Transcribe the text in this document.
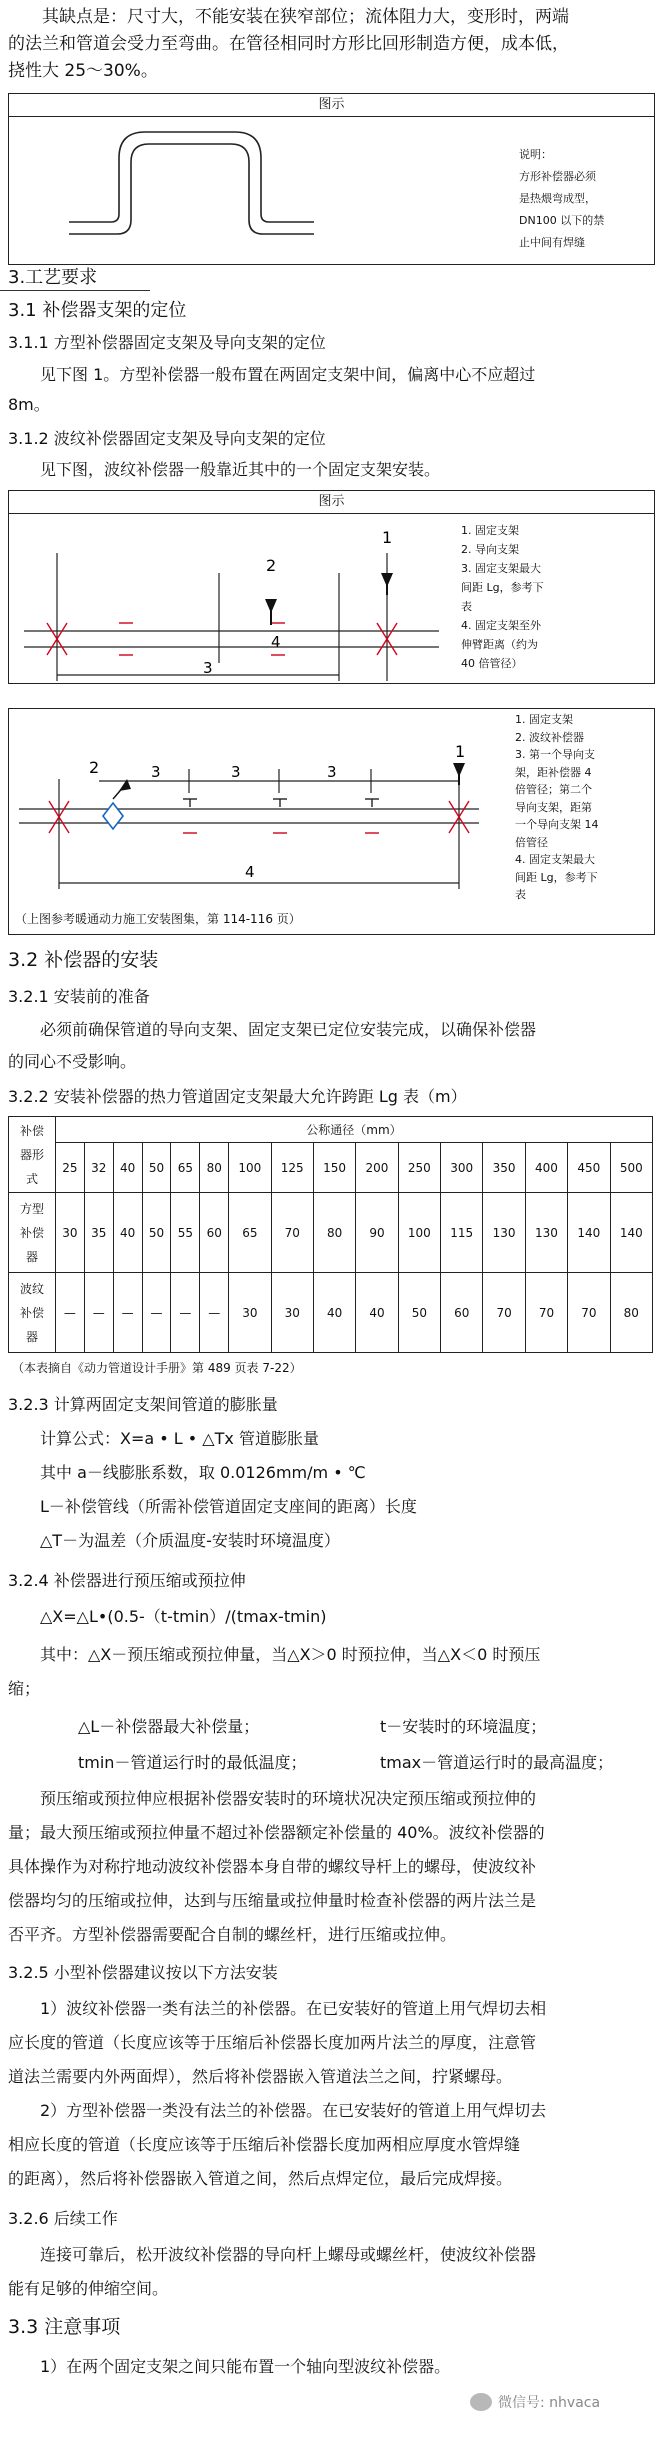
其缺点是：尺寸大，不能安装在狭窄部位；流体阻力大，变形时，两端
的法兰和管道会受力至弯曲。在管径相同时方形比回形制造方便，成本低，
挠性大 25～30%。
图示
说明：
方形补偿器必须
是热煨弯成型，
DN100 以下的禁
止中间有焊缝
3.工艺要求
3.1 补偿器支架的定位
3.1.1 方型补偿器固定支架及导向支架的定位
见下图 1。方型补偿器一般布置在两固定支架中间，偏离中心不应超过
8m。
3.1.2 波纹补偿器固定支架及导向支架的定位
见下图，波纹补偿器一般靠近其中的一个固定支架安装。
图示
2
1
3
4
1. 固定支架
2. 导向支架
3. 固定支架最大
间距 Lg，参考下
表
4. 固定支架至外
伸臂距离（约为
40 倍管径）
2
1
3	3	3
4
1. 固定支架
2. 波纹补偿器
3. 第一个导向支
架，距补偿器 4
倍管径；第二个
导向支架，距第
一个导向支架 14
倍管径
4. 固定支架最大
间距 Lg，参考下
表
（上图参考暖通动力施工安装图集，第 114-116 页）
3.2 补偿器的安装
3.2.1 安装前的准备
必须前确保管道的导向支架、固定支架已定位安装完成，以确保补偿器
的同心不受影响。
3.2.2 安装补偿器的热力管道固定支架最大允许跨距 Lg 表（m）
补偿
器形
式	公称通径（mm）															
	25	32	40	50	65	80	100	125	150	200	250	300	350	400	450	500

方型
补偿
器	30	35	40	50	55	60	65	70	80	90	100	115	130	130	140	140

波纹
补偿
器	—	—	—	—	—	—	30	30	40	40	50	60	70	70	70	80
（本表摘自《动力管道设计手册》第 489 页表 7-22）
3.2.3 计算两固定支架间管道的膨胀量
计算公式：X=a • L • △Tx 管道膨胀量
其中 a－线膨胀系数，取 0.0126mm/m • ℃
L－补偿管线（所需补偿管道固定支座间的距离）长度
△T－为温差（介质温度-安装时环境温度）
3.2.4 补偿器进行预压缩或预拉伸
△X=△L•(0.5-（t-tmin）/(tmax-tmin)
其中：△X－预压缩或预拉伸量，当△X＞0 时预拉伸，当△X＜0 时预压
缩；
△L－补偿器最大补偿量；	t－安装时的环境温度；
tmin－管道运行时的最低温度；	tmax－管道运行时的最高温度；
预压缩或预拉伸应根据补偿器安装时的环境状况决定预压缩或预拉伸的
量；最大预压缩或预拉伸量不超过补偿器额定补偿量的 40%。波纹补偿器的
具体操作为对称拧地动波纹补偿器本身自带的螺纹导杆上的螺母，使波纹补
偿器均匀的压缩或拉伸，达到与压缩量或拉伸量时检查补偿器的两片法兰是
否平齐。方型补偿器需要配合自制的螺丝杆，进行压缩或拉伸。
3.2.5 小型补偿器建议按以下方法安装
1）波纹补偿器一类有法兰的补偿器。在已安装好的管道上用气焊切去相
应长度的管道（长度应该等于压缩后补偿器长度加两片法兰的厚度，注意管
道法兰需要内外两面焊），然后将补偿器嵌入管道法兰之间，拧紧螺母。
2）方型补偿器一类没有法兰的补偿器。在已安装好的管道上用气焊切去
相应长度的管道（长度应该等于压缩后补偿器长度加两相应厚度水管焊缝
的距离），然后将补偿器嵌入管道之间，然后点焊定位，最后完成焊接。
3.2.6 后续工作
连接可靠后，松开波纹补偿器的导向杆上螺母或螺丝杆，使波纹补偿器
能有足够的伸缩空间。
3.3 注意事项
1）在两个固定支架之间只能布置一个轴向型波纹补偿器。
微信号: nhvaca
